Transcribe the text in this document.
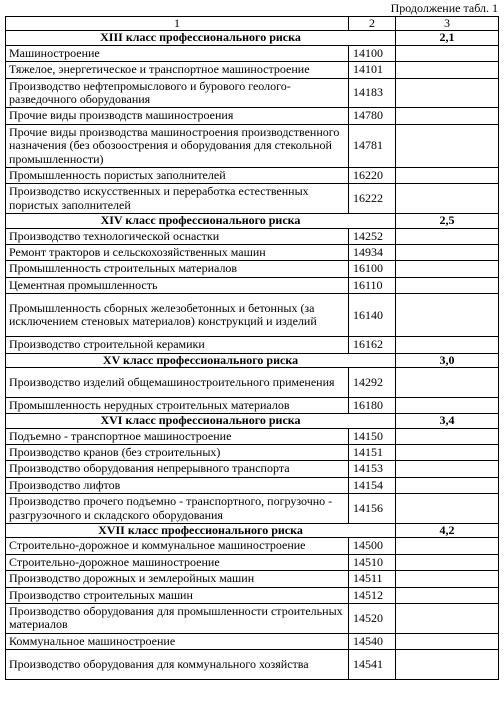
Продолжение табл. 1
1	2	3
XIII класс профессионального риска		2,1
Машиностроение	14100	
Тяжелое, энергетическое и транспортное машиностроение	14101	
Производство нефтепромыслового и бурового геолого-разведочного оборудования	14183	
Прочие виды производств машиностроения	14780	
Прочие виды производства машиностроения производственного назначения (без обозоострения и оборудования для стекольной промышленности)	14781	
Промышленность пористых заполнителей	16220	
Производство искусственных и переработка естественных пористых заполнителей	16222	
XIV класс профессионального риска		2,5
Производство технологической оснастки	14252	
Ремонт тракторов и сельскохозяйственных машин	14934	
Промышленность строительных материалов	16100	
Цементная промышленность	16110	
Промышленность сборных железобетонных и бетонных (за исключением стеновых материалов) конструкций и изделий	16140	
Производство строительной керамики	16162	
XV класс профессионального риска		3,0
Производство изделий общемашиностроительного применения	14292	
Промышленность нерудных строительных материалов	16180	
XVI класс профессионального риска		3,4
Подъемно - транспортное машиностроение	14150	
Производство кранов (без строительных)	14151	
Производство оборудования непрерывного транспорта	14153	
Производство лифтов	14154	
Производство прочего подъемно - транспортного, погрузочно - разгрузочного и складского оборудования	14156	
XVII класс профессионального риска		4,2
Строительно-дорожное и коммунальное машиностроение	14500	
Строительно-дорожное машиностроение	14510	
Производство дорожных и землеройных машин	14511	
Производство строительных машин	14512	
Производство оборудования для промышленности строительных материалов	14520	
Коммунальное машиностроение	14540	
Производство оборудования для коммунального хозяйства	14541	
